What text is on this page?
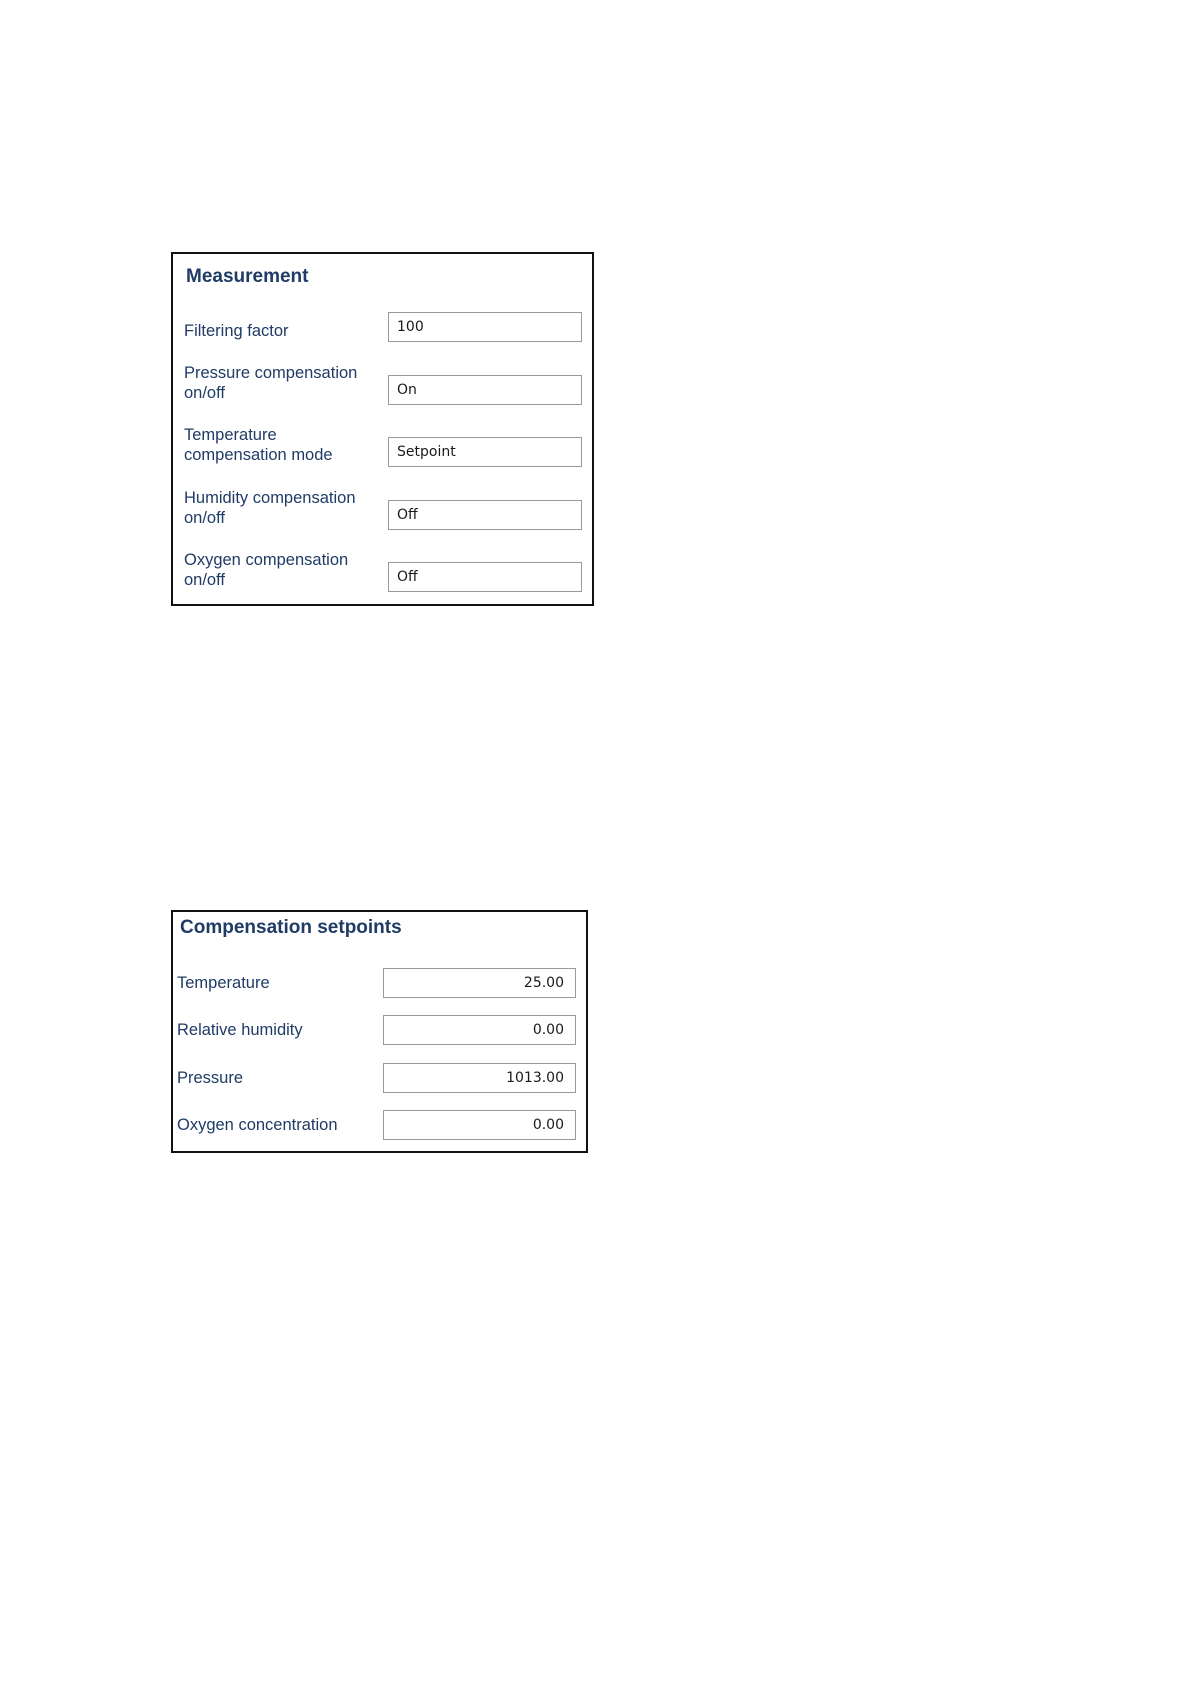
Measurement
Filtering factor	100
Pressure compensation
on/off	On
Temperature
compensation mode	Setpoint
Humidity compensation
on/off	Off
Oxygen compensation
on/off	Off
Compensation setpoints
Temperature	25.00
Relative humidity	0.00
Pressure	1013.00
Oxygen concentration	0.00
